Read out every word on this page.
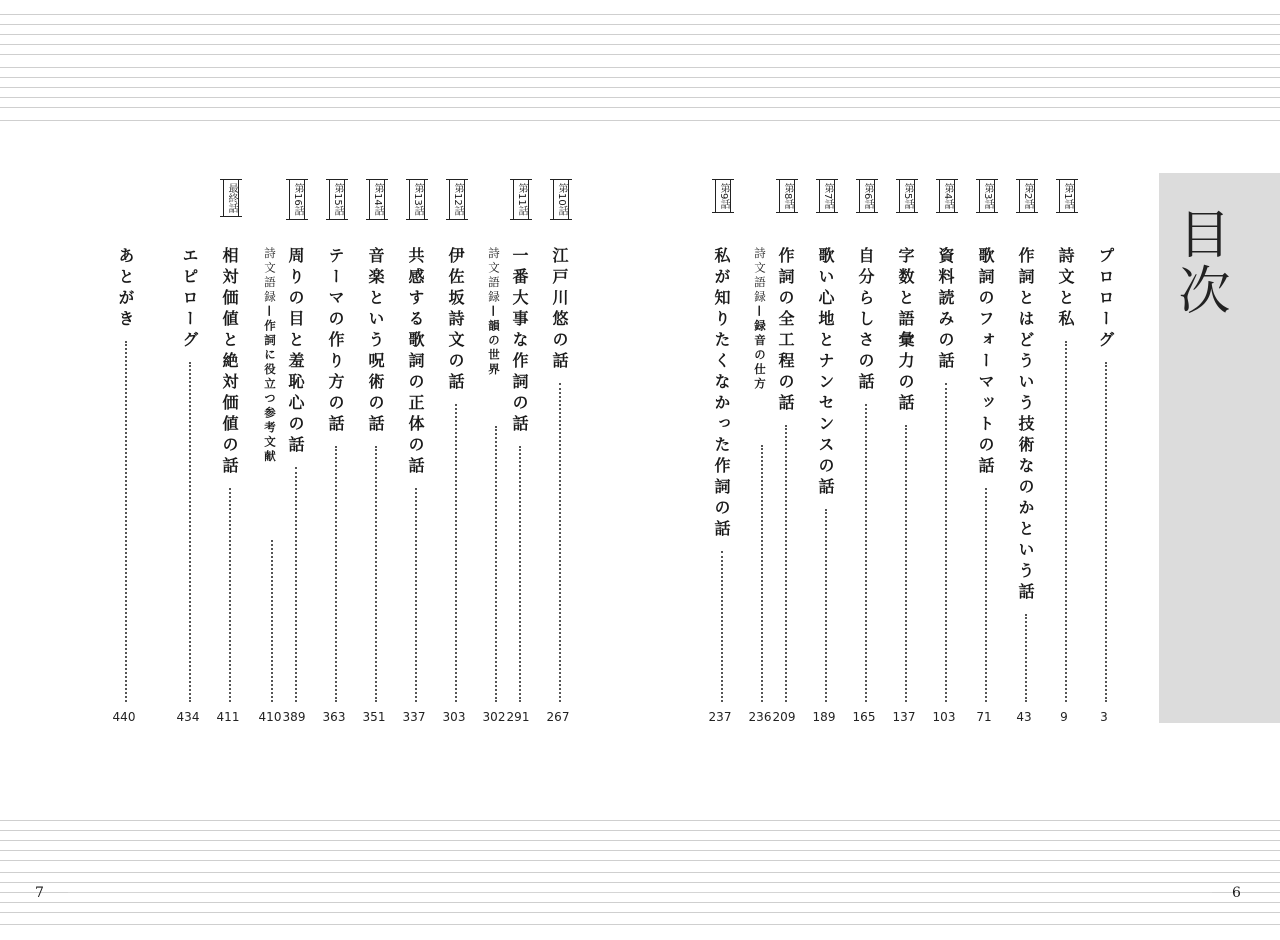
目次
プロローグ
3
第1話
詩文と私
9
第2話
作詞とはどういう技術なのかという話
43
第3話
歌詞のフォーマットの話
71
第4話
資料読みの話
103
第5話
字数と語彙力の話
137
第6話
自分らしさの話
165
第7話
歌い心地とナンセンスの話
189
第8話
作詞の全工程の話
209
詩文語録—録音の仕方
236
第9話
私が知りたくなかった作詞の話
237
第10話
江戸川悠の話
267
第11話
一番大事な作詞の話
291
詩文語録—韻の世界
302
第12話
伊佐坂詩文の話
303
第13話
共感する歌詞の正体の話
337
第14話
音楽という呪術の話
351
第15話
テーマの作り方の話
363
第16話
周りの目と羞恥心の話
389
詩文語録—作詞に役立つ参考文献
410
最終話
相対価値と絶対価値の話
411
エピローグ
434
あとがき
440
7	6
